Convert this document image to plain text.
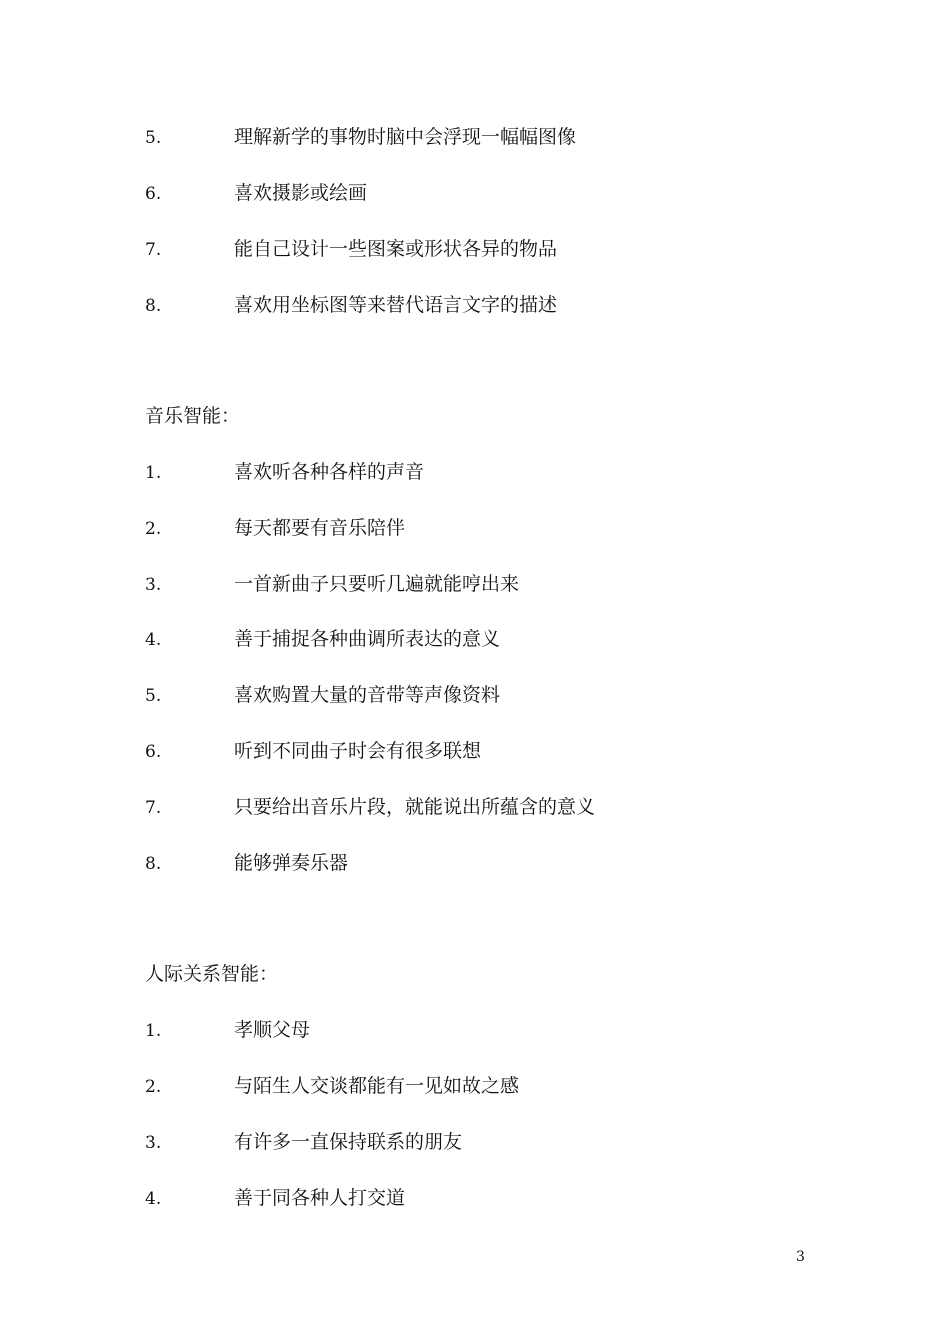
5.	理解新学的事物时脑中会浮现一幅幅图像
6.	喜欢摄影或绘画
7.	能自己设计一些图案或形状各异的物品
8.	喜欢用坐标图等来替代语言文字的描述
音乐智能：
1.	喜欢听各种各样的声音
2.	每天都要有音乐陪伴
3.	一首新曲子只要听几遍就能哼出来
4.	善于捕捉各种曲调所表达的意义
5.	喜欢购置大量的音带等声像资料
6.	听到不同曲子时会有很多联想
7.	只要给出音乐片段，就能说出所蕴含的意义
8.	能够弹奏乐器
人际关系智能：
1.	孝顺父母
2.	与陌生人交谈都能有一见如故之感
3.	有许多一直保持联系的朋友
4.	善于同各种人打交道
3
